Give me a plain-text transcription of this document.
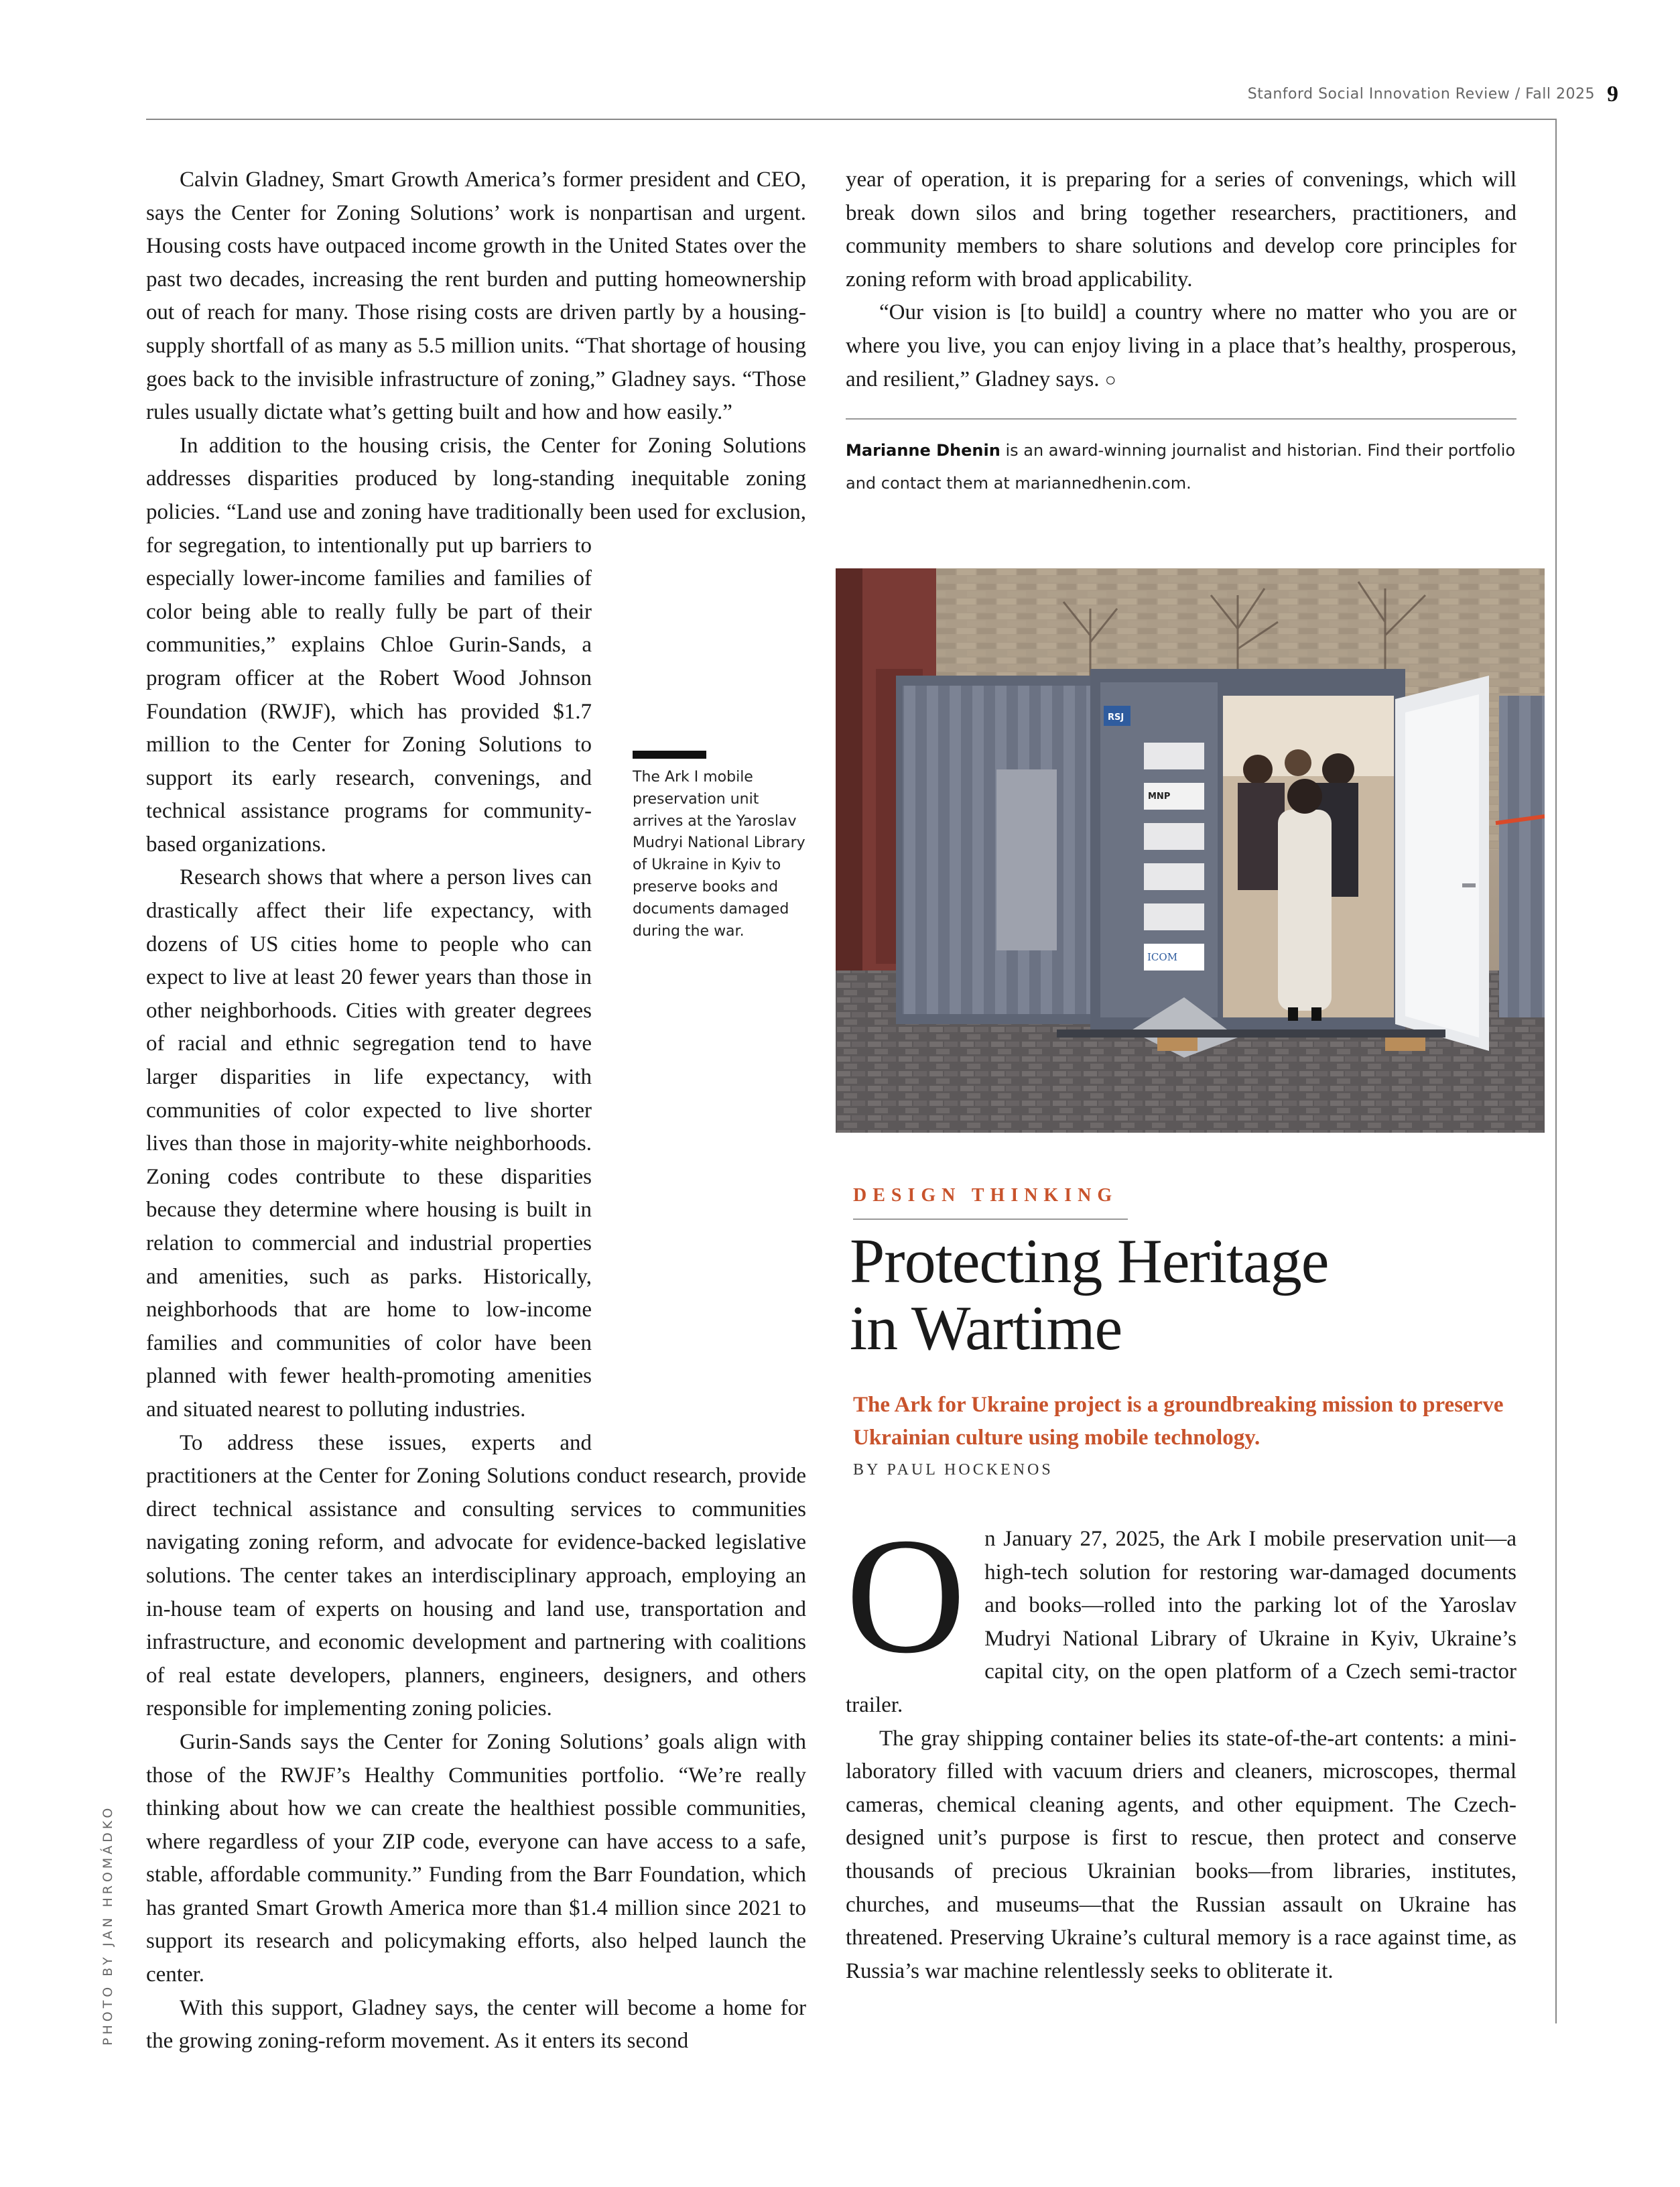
Stanford Social Innovation Review / Fall 2025 9

Calvin Gladney, Smart Growth America’s former president and CEO, says the Center for Zoning Solutions’ work is nonpartisan and urgent. Housing costs have outpaced income growth in the United States over the past two decades, increasing the rent burden and putting homeownership out of reach for many. Those rising costs are driven partly by a housing-supply shortfall of as many as 5.5 million units. “That shortage of housing goes back to the invisible infrastructure of zoning,” Gladney says. “Those rules usually dictate what’s getting built and how and how easily.”

In addition to the housing crisis, the Center for Zoning Solutions addresses disparities produced by long-standing inequitable zoning policies. “Land use and zoning have traditionally been used for exclusion, for segregation, to intentionally put up barriers to especially lower-income families and families of color being able to really fully be part of their communities,” explains Chloe Gurin-Sands, a program officer at the Robert Wood Johnson Foundation (RWJF), which has provided $1.7 million to the Center for Zoning Solutions to support its early research, convenings, and technical assistance programs for community-based organizations.

Research shows that where a person lives can drastically affect their life expectancy, with dozens of US cities home to people who can expect to live at least 20 fewer years than those in other neighborhoods. Cities with greater degrees of racial and ethnic segregation tend to have larger disparities in life expectancy, with communities of color expected to live shorter lives than those in majority-white neighborhoods. Zoning codes contribute to these disparities because they determine where housing is built in relation to commercial and industrial properties and amenities, such as parks. Historically, neighborhoods that are home to low-income families and communities of color have been planned with fewer health-promoting amenities and situated nearest to polluting industries.

To address these issues, experts and practitioners at the Center for Zoning Solutions conduct research, provide direct technical assistance and consulting services to communities navigating zoning reform, and advocate for evidence-backed legislative solutions. The center takes an interdisciplinary approach, employing an in-house team of experts on housing and land use, transportation and infrastructure, and economic development and partnering with coalitions of real estate developers, planners, engineers, designers, and others responsible for implementing zoning policies.

Gurin-Sands says the Center for Zoning Solutions’ goals align with those of the RWJF’s Healthy Communities portfolio. “We’re really thinking about how we can create the healthiest possible communities, where regardless of your ZIP code, everyone can have access to a safe, stable, affordable community.” Funding from the Barr Foundation, which has granted Smart Growth America more than $1.4 million since 2021 to support its research and policymaking efforts, also helped launch the center.

With this support, Gladney says, the center will become a home for the growing zoning-reform movement. As it enters its second

The Ark I mobile preservation unit arrives at the Yaroslav Mudryi National Library of Ukraine in Kyiv to preserve books and documents damaged during the war.

year of operation, it is preparing for a series of convenings, which will break down silos and bring together researchers, practitioners, and community members to share solutions and develop core principles for zoning reform with broad applicability.

“Our vision is [to build] a country where no matter who you are or where you live, you can enjoy living in a place that’s healthy, prosperous, and resilient,” Gladney says. ○

Marianne Dhenin is an award-winning journalist and historian. Find their portfolio and contact them at mariannedhenin.com.
RSJ
MNP
ICOM
DESIGN THINKING
Protecting Heritage
in Wartime
The Ark for Ukraine project is a groundbreaking mission to preserve Ukrainian culture using mobile technology.
BY PAUL HOCKENOS

On January 27, 2025, the Ark I mobile preservation unit—a high-tech solution for restoring war-damaged documents and books—rolled into the parking lot of the Yaroslav Mudryi National Library of Ukraine in Kyiv, Ukraine’s capital city, on the open platform of a Czech semi-tractor trailer.

The gray shipping container belies its state-of-the-art contents: a mini-laboratory filled with vacuum driers and cleaners, microscopes, thermal cameras, chemical cleaning agents, and other equipment. The Czech-designed unit’s purpose is first to rescue, then protect and conserve thousands of precious Ukrainian books—from libraries, institutes, churches, and museums—that the Russian assault on Ukraine has threatened. Preserving Ukraine’s cultural memory is a race against time, as Russia’s war machine relentlessly seeks to obliterate it.

PHOTO BY JAN HROMÁDKO
